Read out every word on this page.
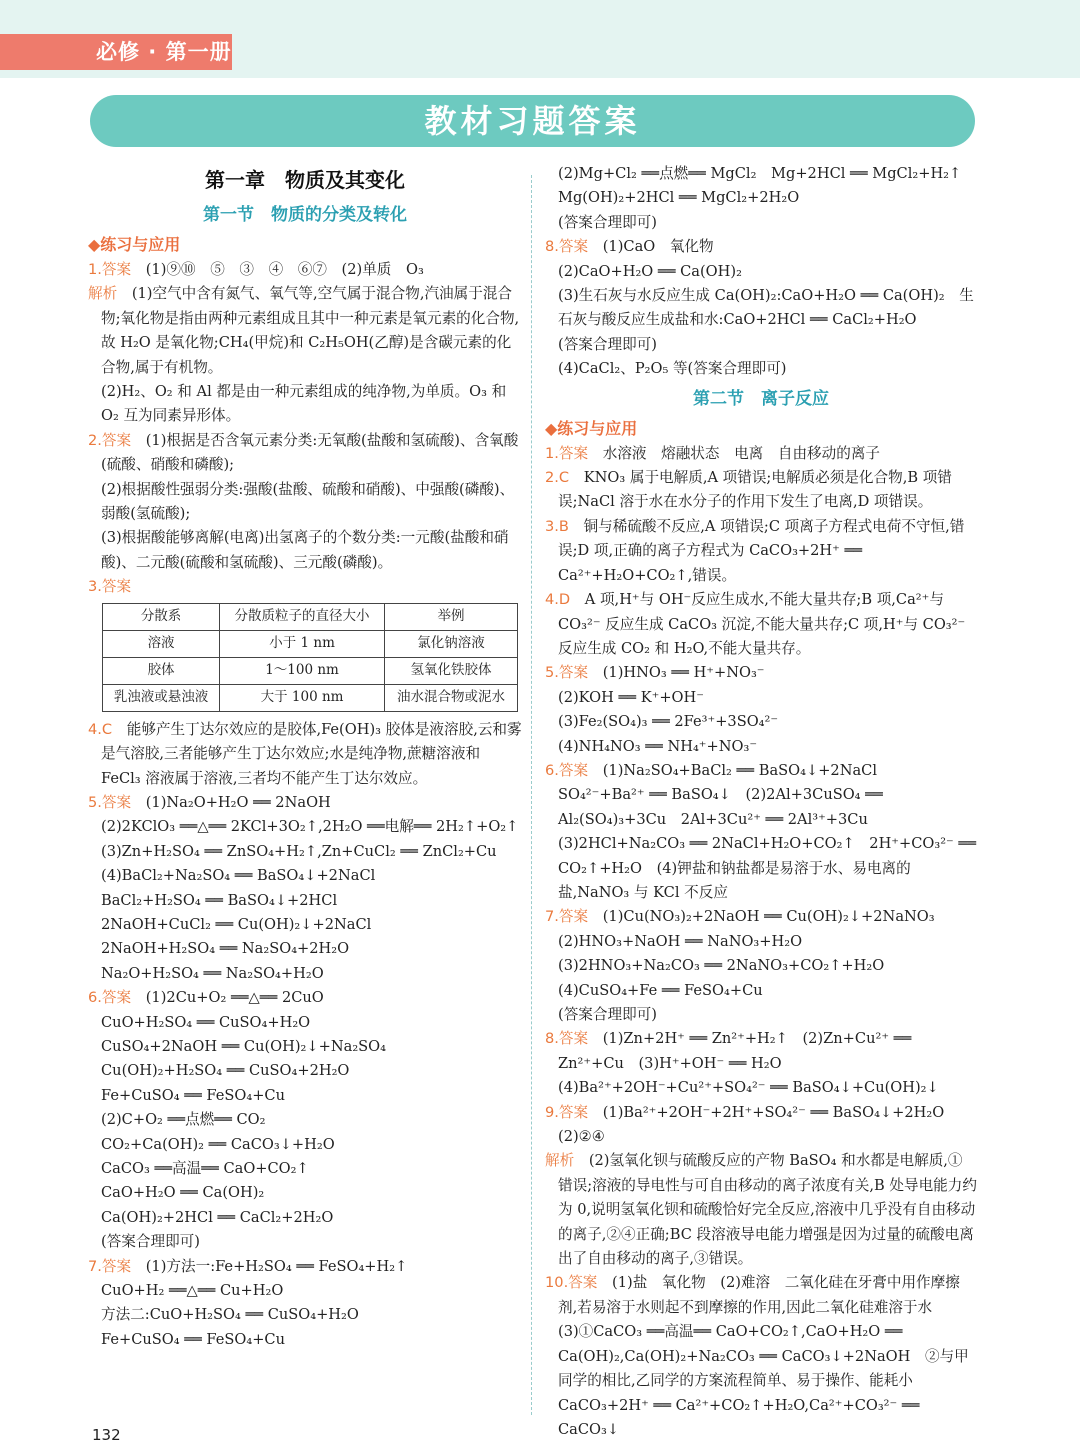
必修 · 第一册
教材习题答案
第一章　物质及其变化
第一节　物质的分类及转化
◆练习与应用
1.答案　 (1)⑨⑩　⑤　③　④　⑥⑦　(2)单质　O₃
解析　 (1)空气中含有氮气、氧气等,空气属于混合物,汽油属于混合物;氧化物是指由两种元素组成且其中一种元素是氧元素的化合物,故 H₂O 是氧化物;CH₄(甲烷)和 C₂H₅OH(乙醇)是含碳元素的化合物,属于有机物。
(2)H₂、O₂ 和 Al 都是由一种元素组成的纯净物,为单质。O₃ 和 O₂ 互为同素异形体。
2.答案　 (1)根据是否含氧元素分类:无氧酸(盐酸和氢硫酸)、含氧酸(硫酸、硝酸和磷酸);
(2)根据酸性强弱分类:强酸(盐酸、硫酸和硝酸)、中强酸(磷酸)、弱酸(氢硫酸);
(3)根据酸能够离解(电离)出氢离子的个数分类:一元酸(盐酸和硝酸)、二元酸(硫酸和氢硫酸)、三元酸(磷酸)。
3.答案　
分散系	分散质粒子的直径大小	举例
溶液	小于 1 nm	氯化钠溶液
胶体	1～100 nm	氢氧化铁胶体
乳浊液或悬浊液	大于 100 nm	油水混合物或泥水
4.C　 能够产生丁达尔效应的是胶体,Fe(OH)₃ 胶体是液溶胶,云和雾是气溶胶,三者能够产生丁达尔效应;水是纯净物,蔗糖溶液和 FeCl₃ 溶液属于溶液,三者均不能产生丁达尔效应。
5.答案　 (1)Na₂O+H₂O ══ 2NaOH
(2)2KClO₃ ══△══ 2KCl+3O₂↑,2H₂O ══电解══ 2H₂↑+O₂↑
(3)Zn+H₂SO₄ ══ ZnSO₄+H₂↑,Zn+CuCl₂ ══ ZnCl₂+Cu
(4)BaCl₂+Na₂SO₄ ══ BaSO₄↓+2NaCl
BaCl₂+H₂SO₄ ══ BaSO₄↓+2HCl
2NaOH+CuCl₂ ══ Cu(OH)₂↓+2NaCl
2NaOH+H₂SO₄ ══ Na₂SO₄+2H₂O
Na₂O+H₂SO₄ ══ Na₂SO₄+H₂O
6.答案　 (1)2Cu+O₂ ══△══ 2CuO
CuO+H₂SO₄ ══ CuSO₄+H₂O
CuSO₄+2NaOH ══ Cu(OH)₂↓+Na₂SO₄
Cu(OH)₂+H₂SO₄ ══ CuSO₄+2H₂O
Fe+CuSO₄ ══ FeSO₄+Cu
(2)C+O₂ ══点燃══ CO₂
CO₂+Ca(OH)₂ ══ CaCO₃↓+H₂O
CaCO₃ ══高温══ CaO+CO₂↑
CaO+H₂O ══ Ca(OH)₂
Ca(OH)₂+2HCl ══ CaCl₂+2H₂O
(答案合理即可)
7.答案　 (1)方法一:Fe+H₂SO₄ ══ FeSO₄+H₂↑
CuO+H₂ ══△══ Cu+H₂O
方法二:CuO+H₂SO₄ ══ CuSO₄+H₂O
Fe+CuSO₄ ══ FeSO₄+Cu
(2)Mg+Cl₂ ══点燃══ MgCl₂　Mg+2HCl ══ MgCl₂+H₂↑
Mg(OH)₂+2HCl ══ MgCl₂+2H₂O
(答案合理即可)
8.答案　 (1)CaO　氧化物
(2)CaO+H₂O ══ Ca(OH)₂
(3)生石灰与水反应生成 Ca(OH)₂:CaO+H₂O ══ Ca(OH)₂　生石灰与酸反应生成盐和水:CaO+2HCl ══ CaCl₂+H₂O
(答案合理即可)
(4)CaCl₂、P₂O₅ 等(答案合理即可)
第二节　离子反应
◆练习与应用
1.答案　 水溶液　熔融状态　电离　自由移动的离子
2.C　 KNO₃ 属于电解质,A 项错误;电解质必须是化合物,B 项错误;NaCl 溶于水在水分子的作用下发生了电离,D 项错误。
3.B　 铜与稀硫酸不反应,A 项错误;C 项离子方程式电荷不守恒,错误;D 项,正确的离子方程式为 CaCO₃+2H⁺ ══ Ca²⁺+H₂O+CO₂↑,错误。
4.D　 A 项,H⁺与 OH⁻反应生成水,不能大量共存;B 项,Ca²⁺与 CO₃²⁻ 反应生成 CaCO₃ 沉淀,不能大量共存;C 项,H⁺与 CO₃²⁻ 反应生成 CO₂ 和 H₂O,不能大量共存。
5.答案　 (1)HNO₃ ══ H⁺+NO₃⁻
(2)KOH ══ K⁺+OH⁻
(3)Fe₂(SO₄)₃ ══ 2Fe³⁺+3SO₄²⁻
(4)NH₄NO₃ ══ NH₄⁺+NO₃⁻
6.答案　 (1)Na₂SO₄+BaCl₂ ══ BaSO₄↓+2NaCl　SO₄²⁻+Ba²⁺ ══ BaSO₄↓　(2)2Al+3CuSO₄ ══ Al₂(SO₄)₃+3Cu　2Al+3Cu²⁺ ══ 2Al³⁺+3Cu　(3)2HCl+Na₂CO₃ ══ 2NaCl+H₂O+CO₂↑　2H⁺+CO₃²⁻ ══ CO₂↑+H₂O　(4)钾盐和钠盐都是易溶于水、易电离的盐,NaNO₃ 与 KCl 不反应
7.答案　 (1)Cu(NO₃)₂+2NaOH ══ Cu(OH)₂↓+2NaNO₃
(2)HNO₃+NaOH ══ NaNO₃+H₂O
(3)2HNO₃+Na₂CO₃ ══ 2NaNO₃+CO₂↑+H₂O
(4)CuSO₄+Fe ══ FeSO₄+Cu
(答案合理即可)
8.答案　 (1)Zn+2H⁺ ══ Zn²⁺+H₂↑　(2)Zn+Cu²⁺ ══ Zn²⁺+Cu　(3)H⁺+OH⁻ ══ H₂O　(4)Ba²⁺+2OH⁻+Cu²⁺+SO₄²⁻ ══ BaSO₄↓+Cu(OH)₂↓
9.答案　 (1)Ba²⁺+2OH⁻+2H⁺+SO₄²⁻ ══ BaSO₄↓+2H₂O
(2)②④
解析　 (2)氢氧化钡与硫酸反应的产物 BaSO₄ 和水都是电解质,①错误;溶液的导电性与可自由移动的离子浓度有关,B 处导电能力约为 0,说明氢氧化钡和硫酸恰好完全反应,溶液中几乎没有自由移动的离子,②④正确;BC 段溶液导电能力增强是因为过量的硫酸电离出了自由移动的离子,③错误。
10.答案　 (1)盐　氧化物　(2)难溶　二氧化硅在牙膏中用作摩擦剂,若易溶于水则起不到摩擦的作用,因此二氧化硅难溶于水　(3)①CaCO₃ ══高温══ CaO+CO₂↑,CaO+H₂O ══ Ca(OH)₂,Ca(OH)₂+Na₂CO₃ ══ CaCO₃↓+2NaOH　②与甲同学的相比,乙同学的方案流程简单、易于操作、能耗小　CaCO₃+2H⁺ ══ Ca²⁺+CO₂↑+H₂O,Ca²⁺+CO₃²⁻ ══ CaCO₃↓
132
